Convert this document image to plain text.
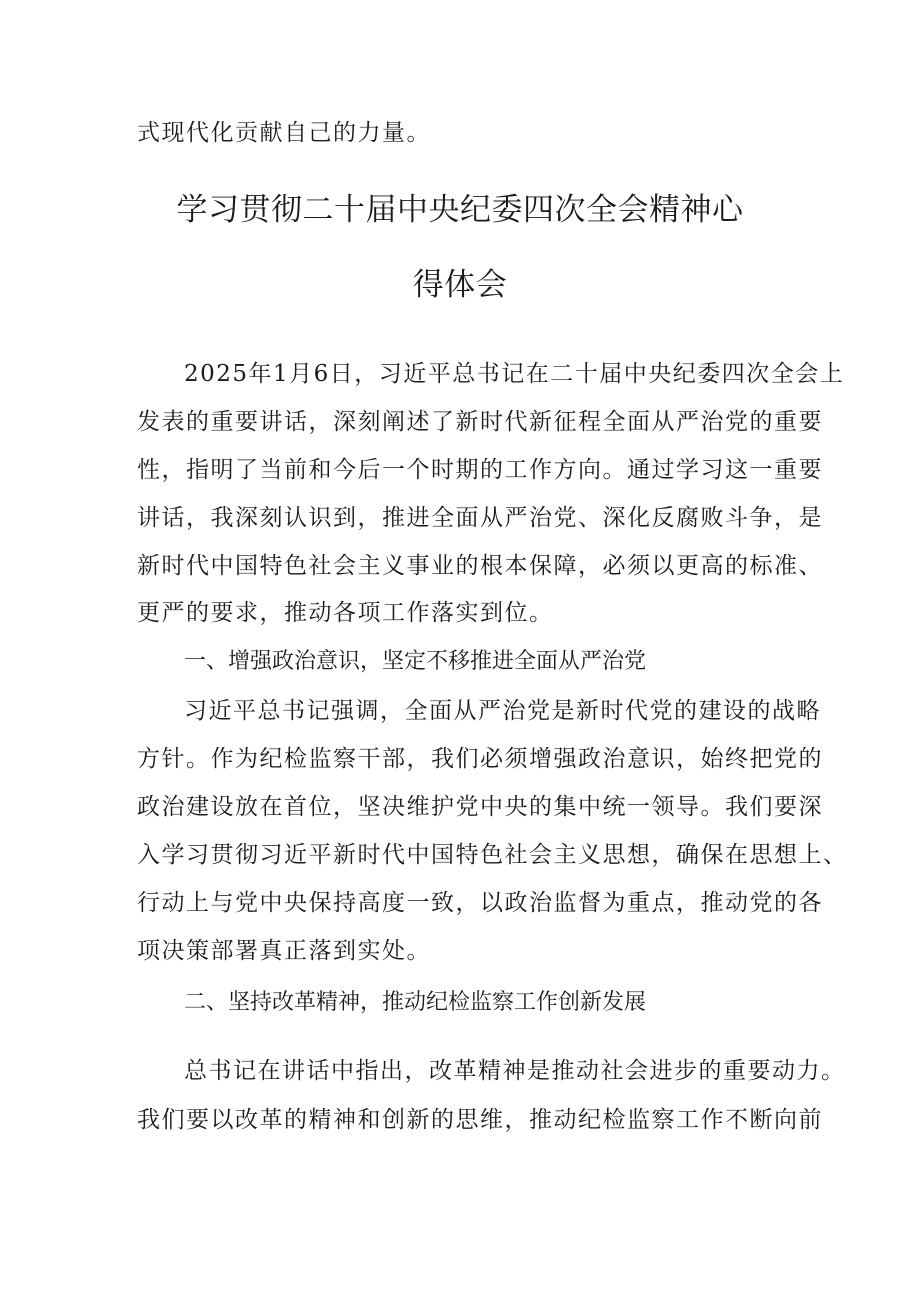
式现代化贡献自己的力量。
学习贯彻二十届中央纪委四次全会精神心
得体会
2025年1月6日，习近平总书记在二十届中央纪委四次全会上
发表的重要讲话，深刻阐述了新时代新征程全面从严治党的重要
性，指明了当前和今后一个时期的工作方向。通过学习这一重要
讲话，我深刻认识到，推进全面从严治党、深化反腐败斗争，是
新时代中国特色社会主义事业的根本保障，必须以更高的标准、
更严的要求，推动各项工作落实到位。
一、增强政治意识，坚定不移推进全面从严治党
习近平总书记强调，全面从严治党是新时代党的建设的战略
方针。作为纪检监察干部，我们必须增强政治意识，始终把党的
政治建设放在首位，坚决维护党中央的集中统一领导。我们要深
入学习贯彻习近平新时代中国特色社会主义思想，确保在思想上、
行动上与党中央保持高度一致，以政治监督为重点，推动党的各
项决策部署真正落到实处。
二、坚持改革精神，推动纪检监察工作创新发展
总书记在讲话中指出，改革精神是推动社会进步的重要动力。
我们要以改革的精神和创新的思维，推动纪检监察工作不断向前
